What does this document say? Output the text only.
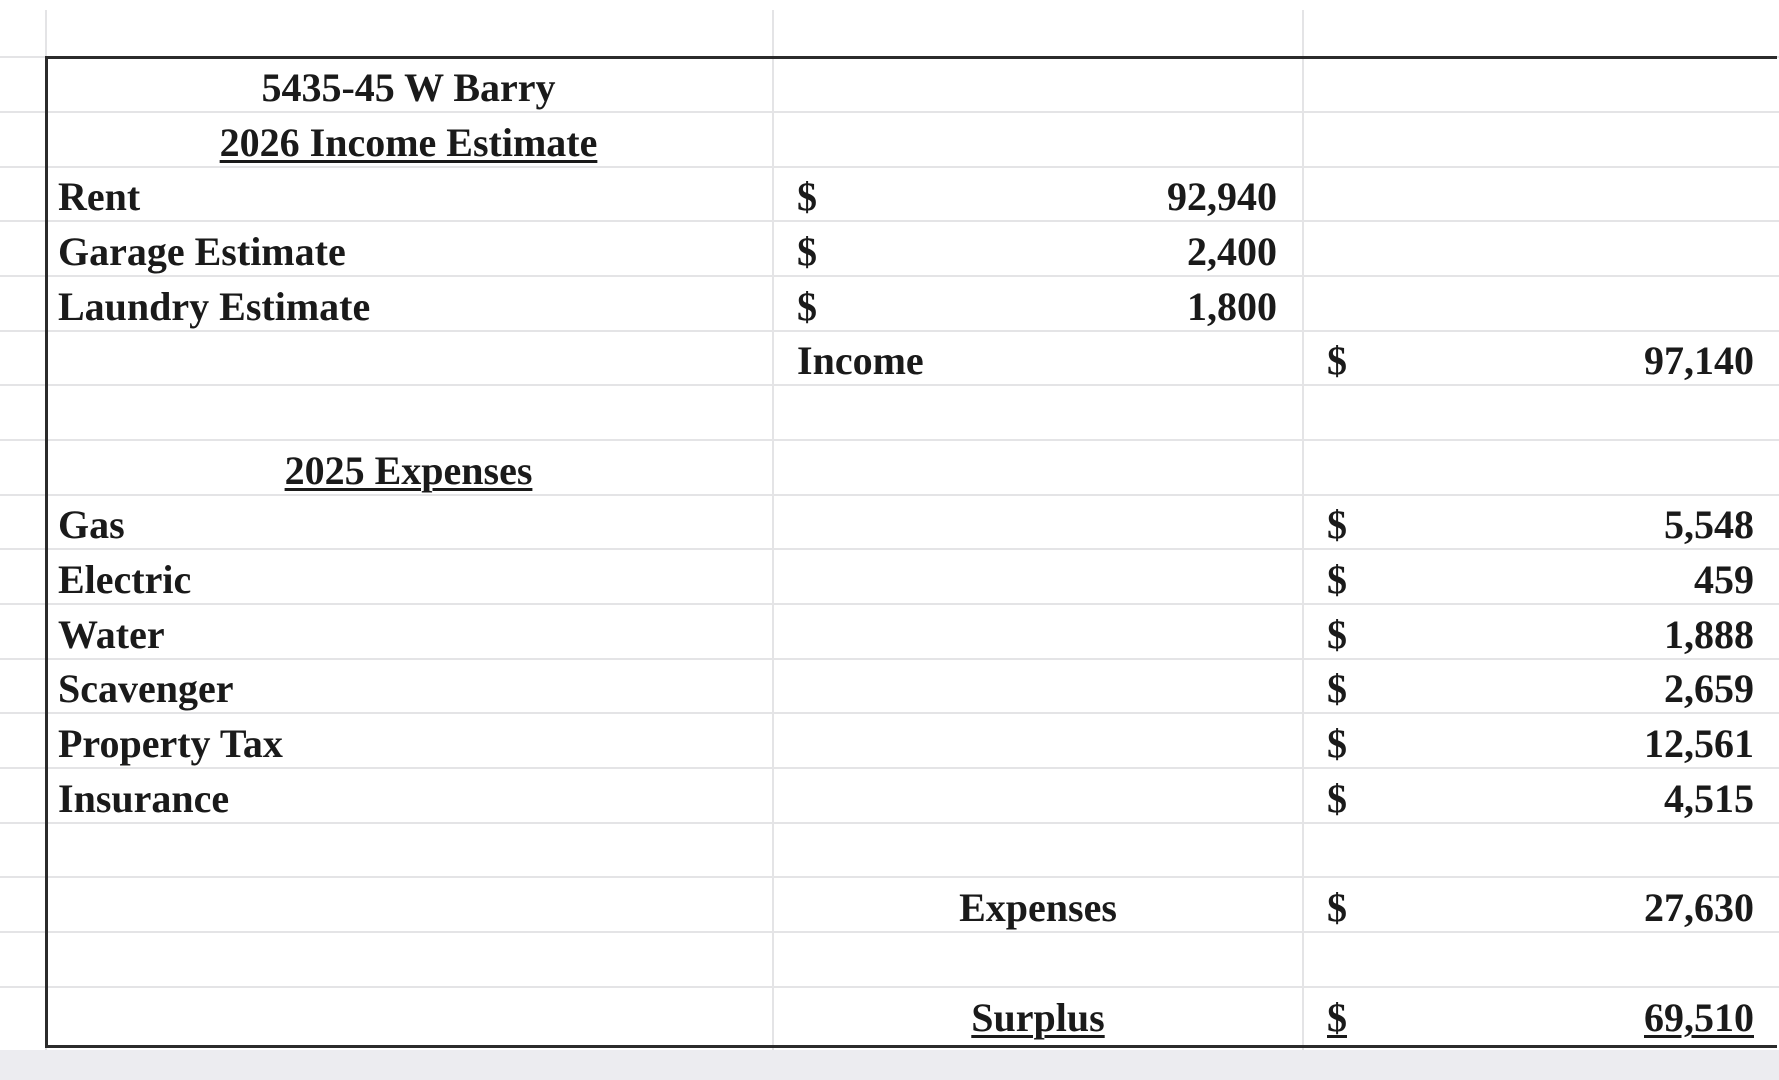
5435-45 W Barry
2026 Income Estimate
Rent	$	92,940
Garage Estimate	$	2,400
Laundry Estimate	$	1,800
Income	$	97,140
2025 Expenses
Gas	$	5,548
Electric	$	459
Water	$	1,888
Scavenger	$	2,659
Property Tax	$	12,561
Insurance	$	4,515
Expenses	$	27,630
Surplus	$	69,510
